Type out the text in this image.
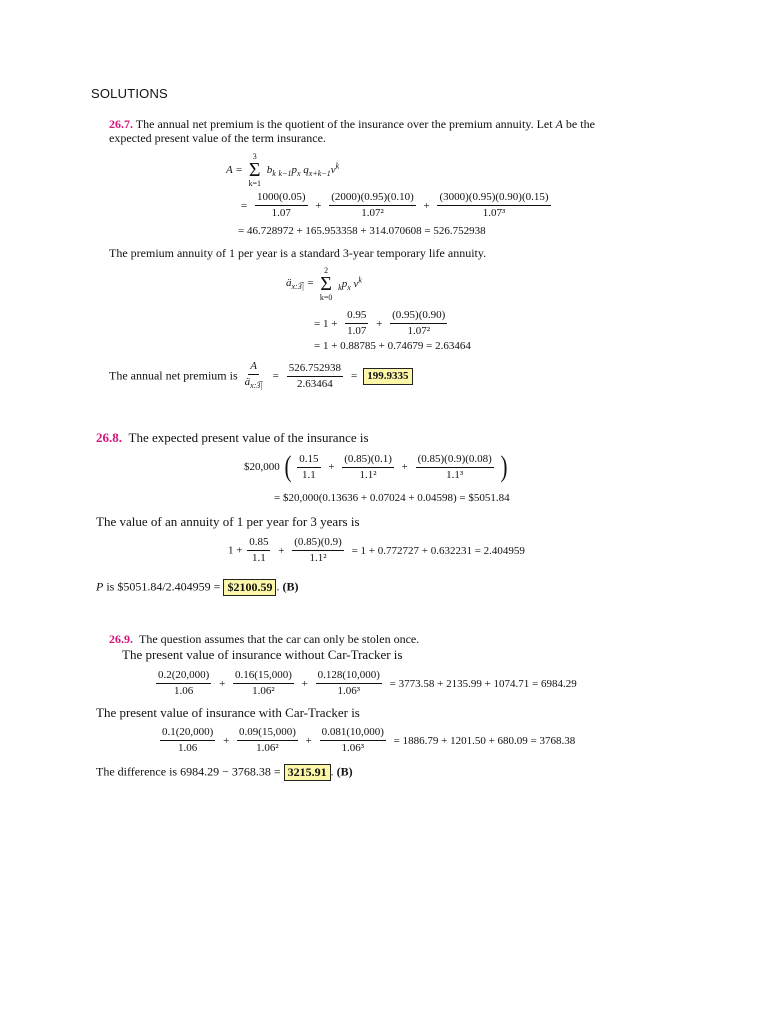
SOLUTIONS
26.7. The annual net premium is the quotient of the insurance over the premium annuity. Let A be the
expected present value of the term insurance.
A =
3
Σ
k=1
$b_k$ $_{k-1}p_x$ $q_{x+k-1}v^k$
= $\frac{1000(0.05)}{1.07} + \frac{(2000)(0.95)(0.10)}{\text{1.07²}} + \frac{(3000)(0.95)(0.90)(0.15)}{\text{1.07³}}$
= 46.728972 + 165.953358 + 314.070608 = 526.752938
The premium annuity of 1 per year is a standard 3-year temporary life annuity.
$ä_{x:3̅|}$ =
2
Σ
k=0
$_kp_x$ $v^k$
= $1 + \frac{0.95}{1.07} + \frac{(0.95)(0.90)}{\text{1.07²}}$
= 1 + 0.88785 + 0.74679 = 2.63464
The annual net premium is $\frac{A}{ä_{x:3̅|}} = \frac{526.752938}{2.63464} = 199.9335$
26.8. The expected present value of the insurance is
$20,000 ( $\frac{0.15}{1.1} + \frac{(0.85)(0.1)}{\text{1.1²}} + \frac{(0.85)(0.9)(0.08)}{\text{1.1³}}$ )
= $20,000(0.13636 + 0.07024 + 0.04598) = $5051.84
The value of an annuity of 1 per year for 3 years is
$1 + \frac{0.85}{1.1} + \frac{(0.85)(0.9)}{\text{1.1²}} = 1 + 0.772727 + 0.632231 = 2.404959$
P is $5051.84/2.404959 = $2100.59 . (B)
26.9. The question assumes that the car can only be stolen once.
The present value of insurance without Car-Tracker is
$\frac{0.2(20,000)}{1.06} + \frac{0.16(15,000)}{\text{1.06²}} + \frac{0.128(10,000)}{\text{1.06³}} = 3773.58 + 2135.99 + 1074.71 = 6984.29$
The present value of insurance with Car-Tracker is
$\frac{0.1(20,000)}{1.06} + \frac{0.09(15,000)}{\text{1.06²}} + \frac{0.081(10,000)}{\text{1.06³}} = 1886.79 + 1201.50 + 680.09 = 3768.38$
The difference is 6984.29 − 3768.38 = 3215.91 . (B)
